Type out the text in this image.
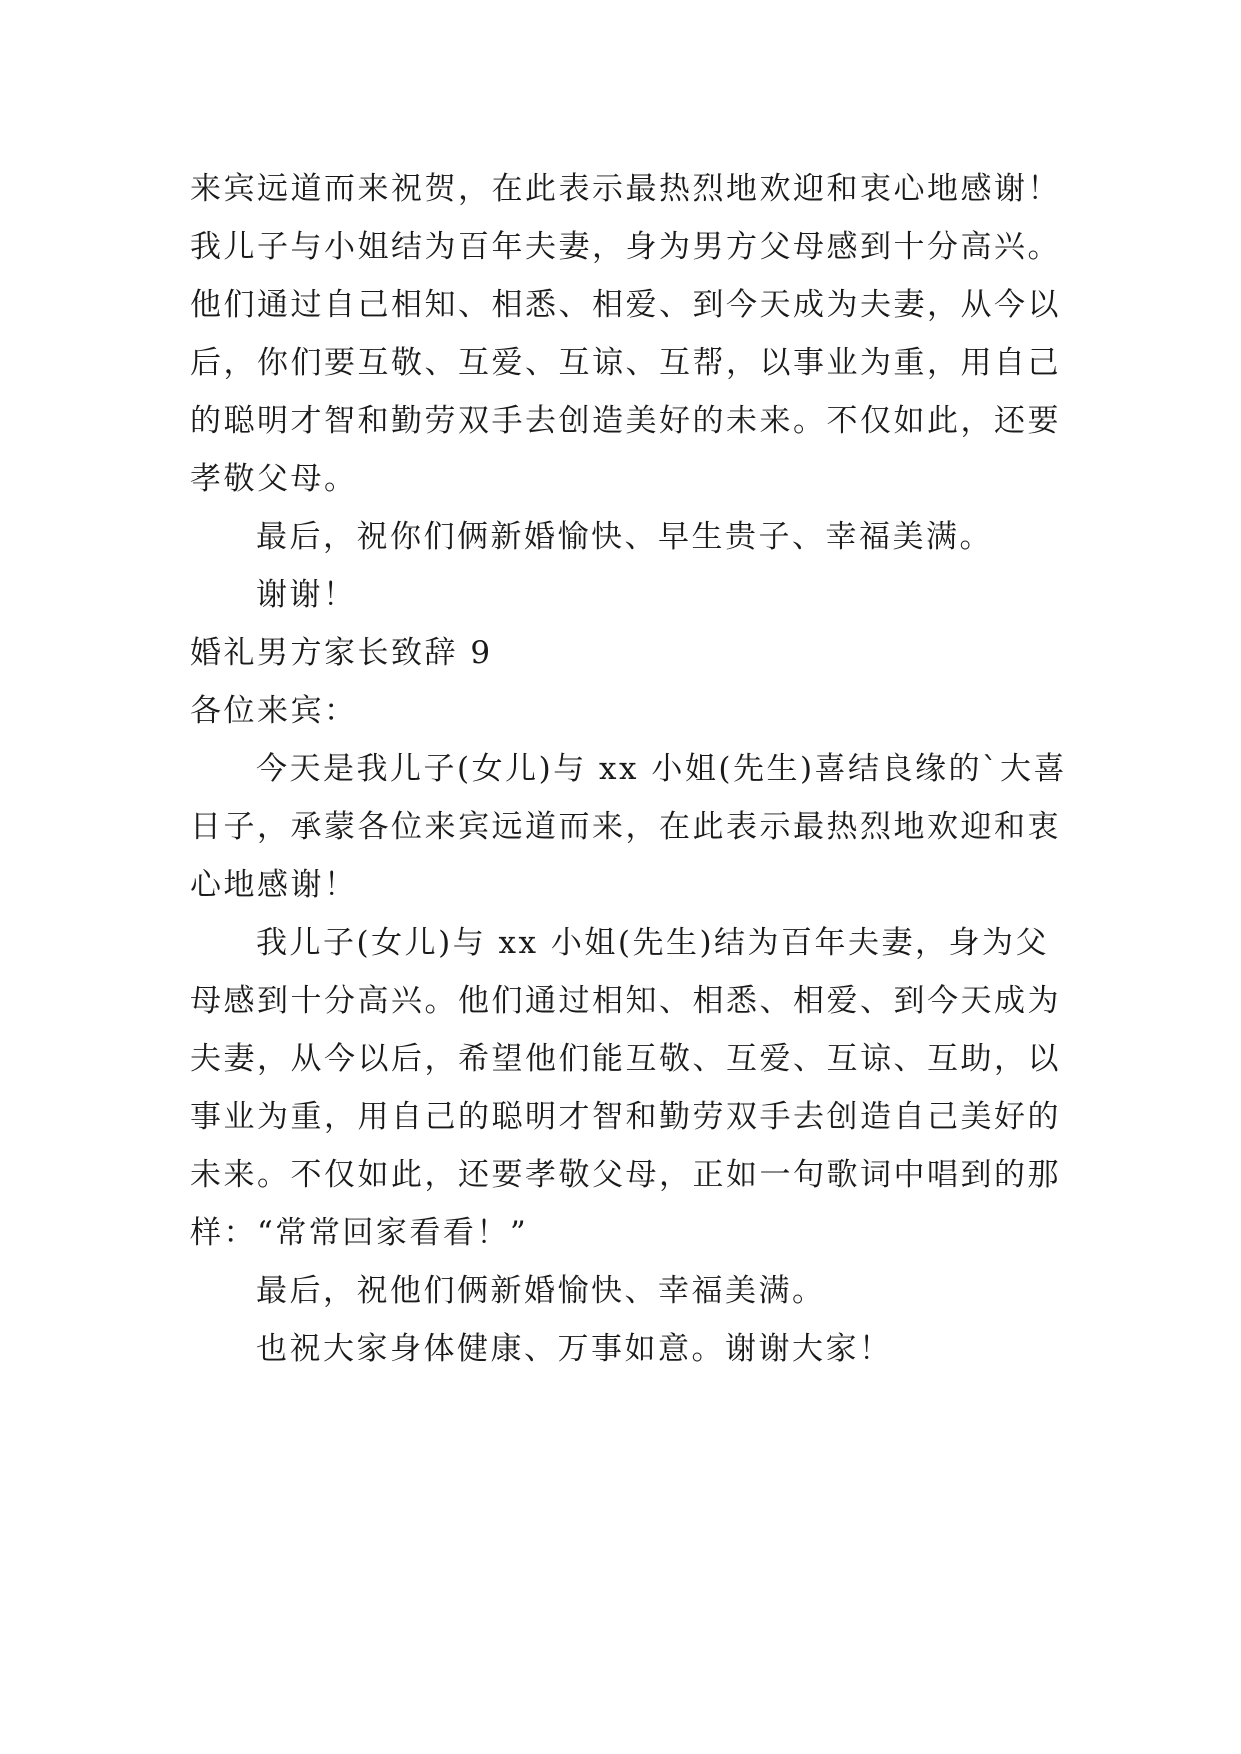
来宾远道而来祝贺，在此表示最热烈地欢迎和衷心地感谢！
我儿子与小姐结为百年夫妻，身为男方父母感到十分高兴。
他们通过自己相知、相悉、相爱、到今天成为夫妻，从今以
后，你们要互敬、互爱、互谅、互帮，以事业为重，用自己
的聪明才智和勤劳双手去创造美好的未来。不仅如此，还要
孝敬父母。
最后，祝你们俩新婚愉快、早生贵子、幸福美满。
谢谢！
婚礼男方家长致辞 9
各位来宾：
今天是我儿子(女儿)与 xx 小姐(先生)喜结良缘的`大喜
日子，承蒙各位来宾远道而来，在此表示最热烈地欢迎和衷
心地感谢！
我儿子(女儿)与 xx 小姐(先生)结为百年夫妻，身为父
母感到十分高兴。他们通过相知、相悉、相爱、到今天成为
夫妻，从今以后，希望他们能互敬、互爱、互谅、互助，以
事业为重，用自己的聪明才智和勤劳双手去创造自己美好的
未来。不仅如此，还要孝敬父母，正如一句歌词中唱到的那
样：“常常回家看看！”
最后，祝他们俩新婚愉快、幸福美满。
也祝大家身体健康、万事如意。谢谢大家！
